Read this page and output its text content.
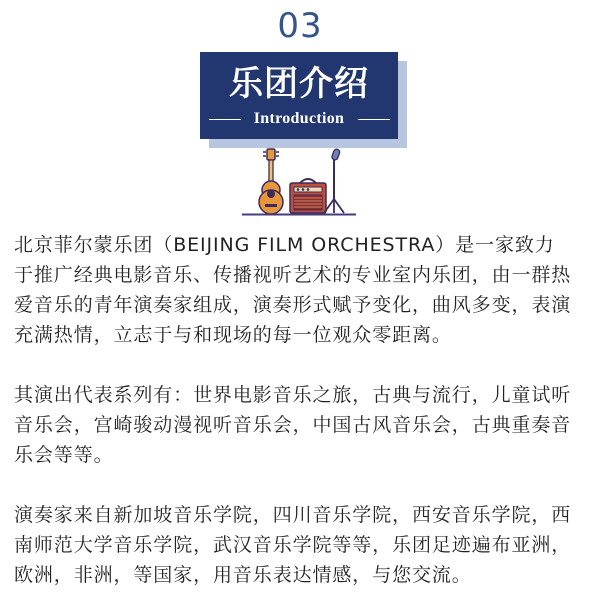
03
乐团介绍
Introduction
北京菲尔蒙乐团（BEIJING FILM ORCHESTRA）是一家致力
于推广经典电影音乐、传播视听艺术的专业室内乐团，由一群热
爱音乐的青年演奏家组成，演奏形式赋予变化，曲风多变，表演
充满热情，立志于与和现场的每一位观众零距离。
其演出代表系列有：世界电影音乐之旅，古典与流行，儿童试听
音乐会，宫崎骏动漫视听音乐会，中国古风音乐会，古典重奏音
乐会等等。
演奏家来自新加坡音乐学院，四川音乐学院，西安音乐学院，西
南师范大学音乐学院，武汉音乐学院等等，乐团足迹遍布亚洲，
欧洲，非洲，等国家，用音乐表达情感，与您交流。
